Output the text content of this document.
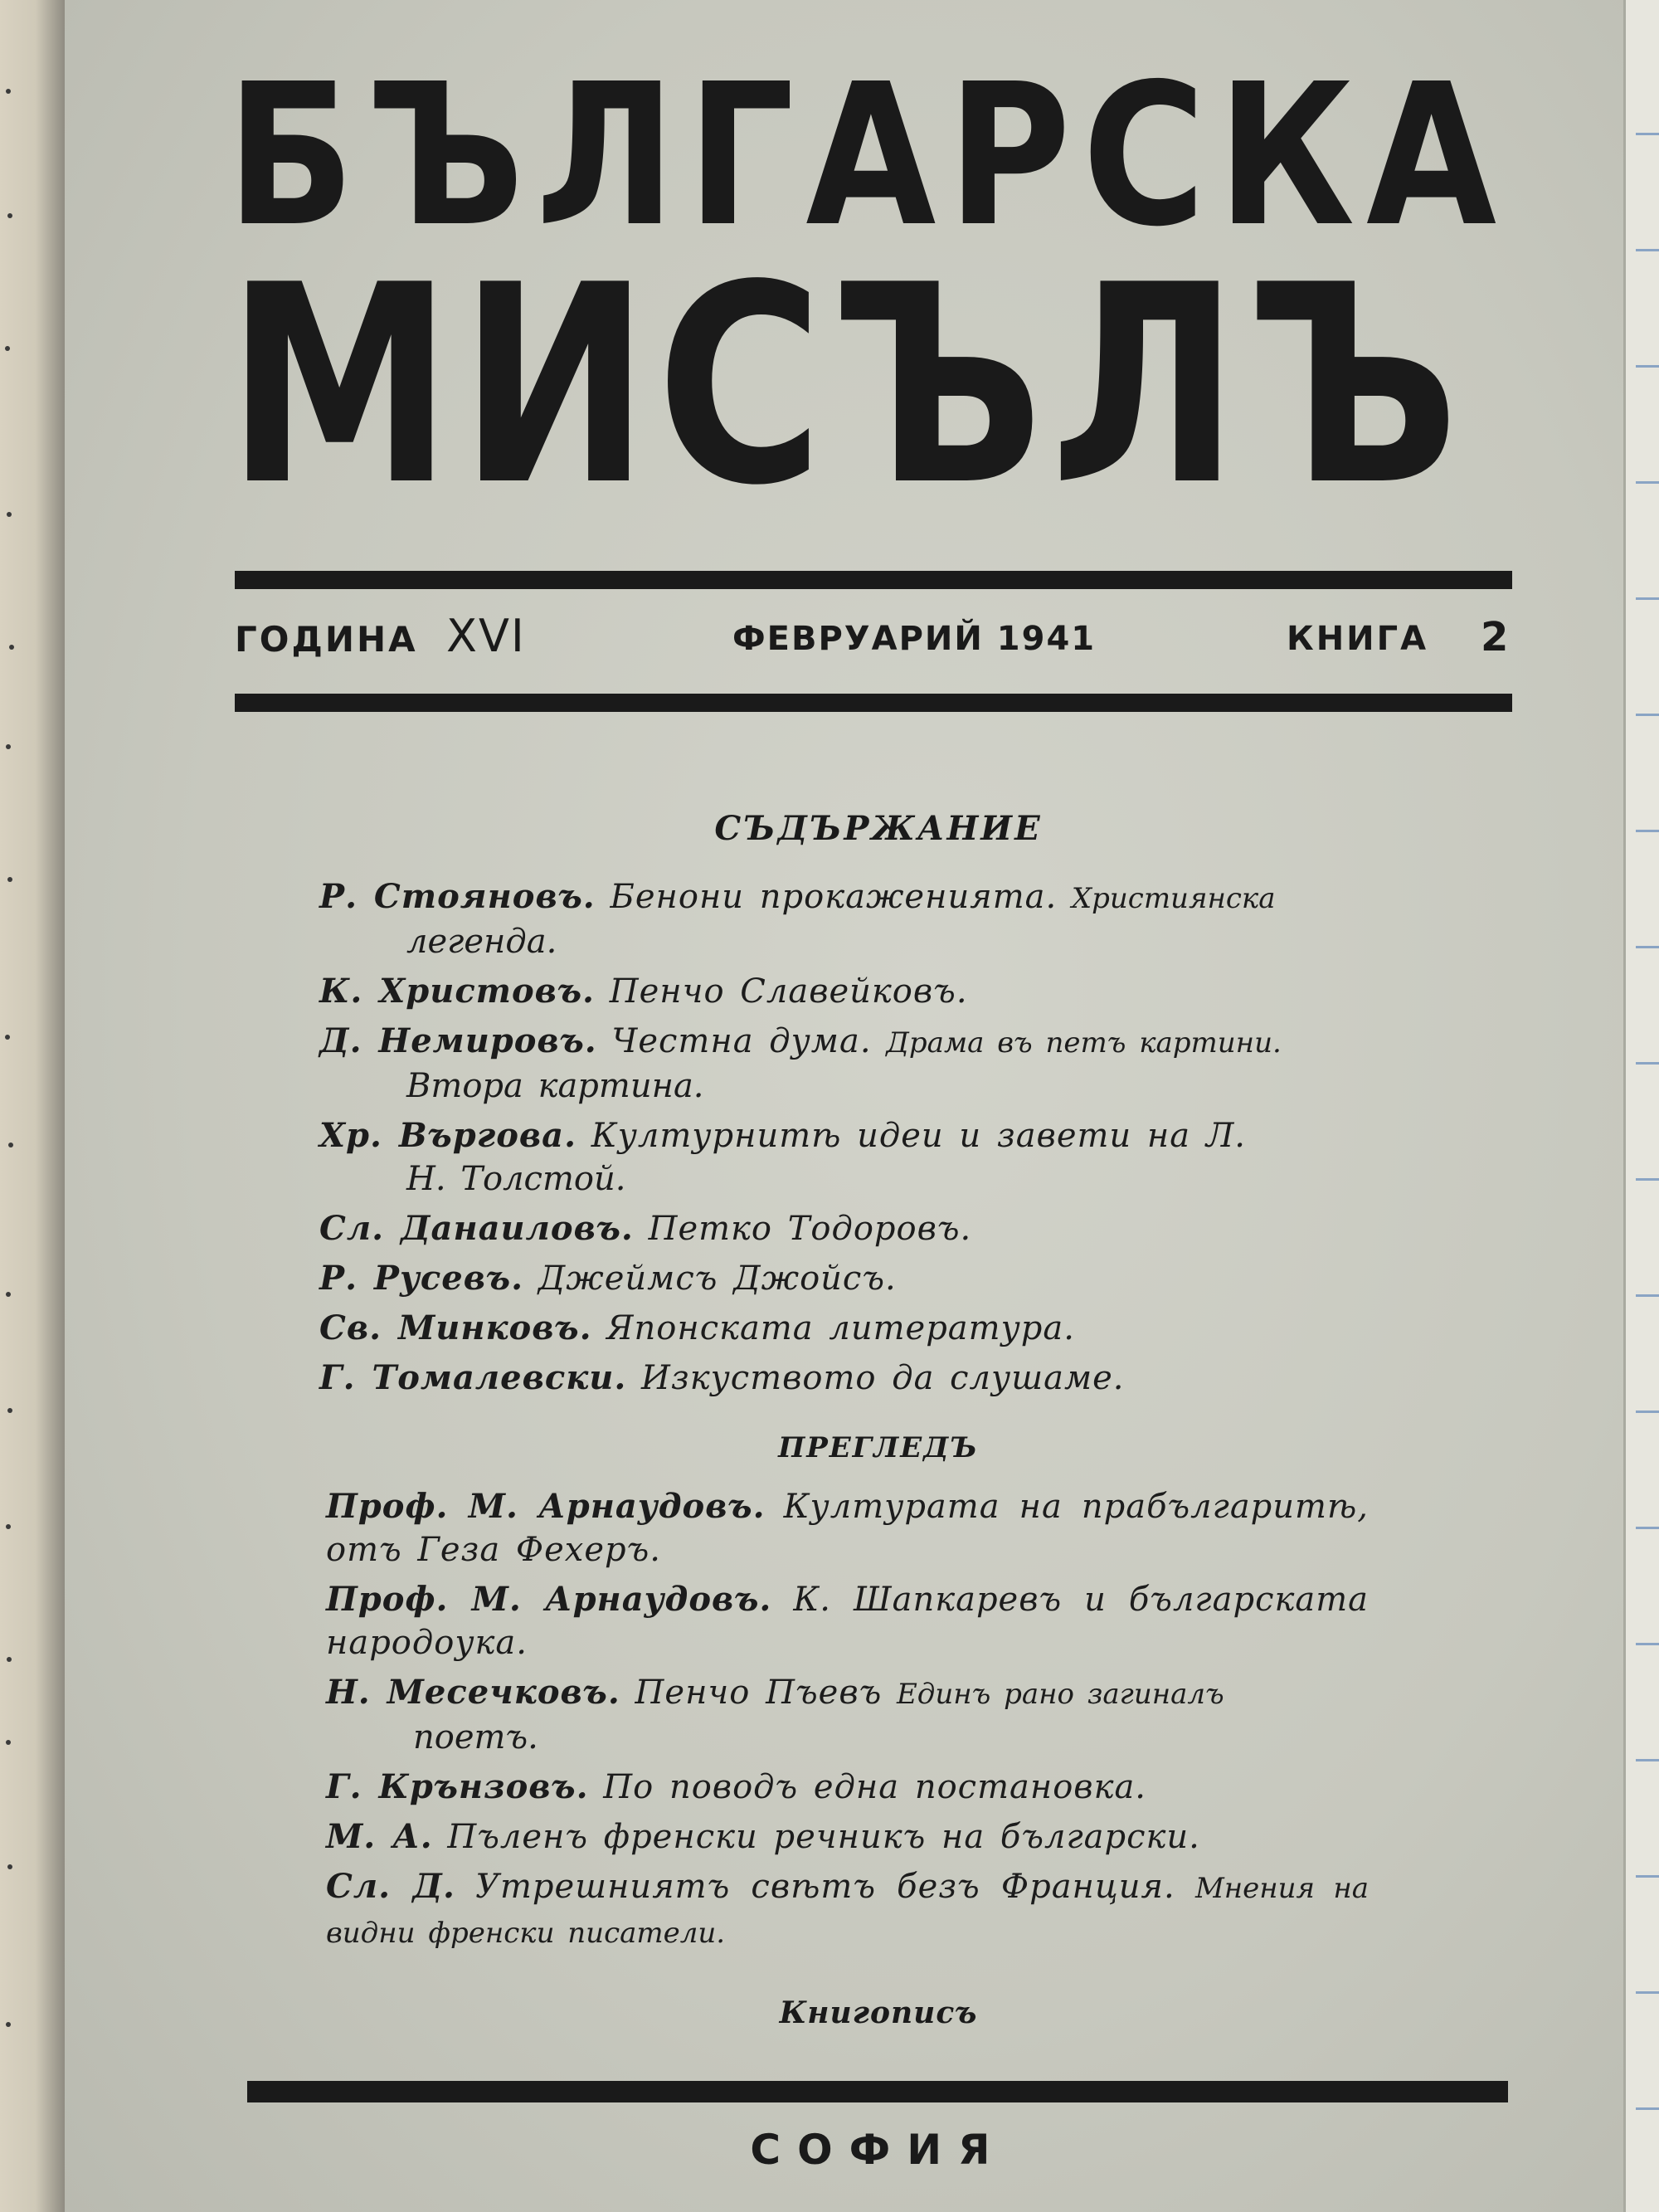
БЪЛГАРСКА
МИСЪЛЪ
ГОДИНА XVI	ФЕВРУАРИЙ 1941	КНИГА 2
СЪДЪРЖАНИЕ
Р. Стояновъ. Бенони прокаженията. Християнска
легенда.
К. Христовъ. Пенчо Славейковъ.
Д. Немировъ. Честна дума. Драма въ петъ картини.
Втора картина.
Хр. Въргова. Културнитѣ идеи и завети на Л.
Н. Толстой.
Сл. Данаиловъ. Петко Тодоровъ.
Р. Русевъ. Джеймсъ Джойсъ.
Св. Минковъ. Японската литература.
Г. Томалевски. Изкуството да слушаме.
ПРЕГЛЕДЪ
Проф. М. Арнаудовъ. Културата на прабългаритѣ, отъ Геза Фехеръ.
Проф. М. Арнаудовъ. К. Шапкаревъ и българската народоука.
Н. Месечковъ. Пенчо Пъевъ Единъ рано загиналъ
поетъ.
Г. Крънзовъ. По поводъ една постановка.
М. А. Пъленъ френски речникъ на български.
Сл. Д. Утрешниятъ свѣтъ безъ Франция. Мнения на видни френски писатели.
Книгописъ
СОФИЯ
